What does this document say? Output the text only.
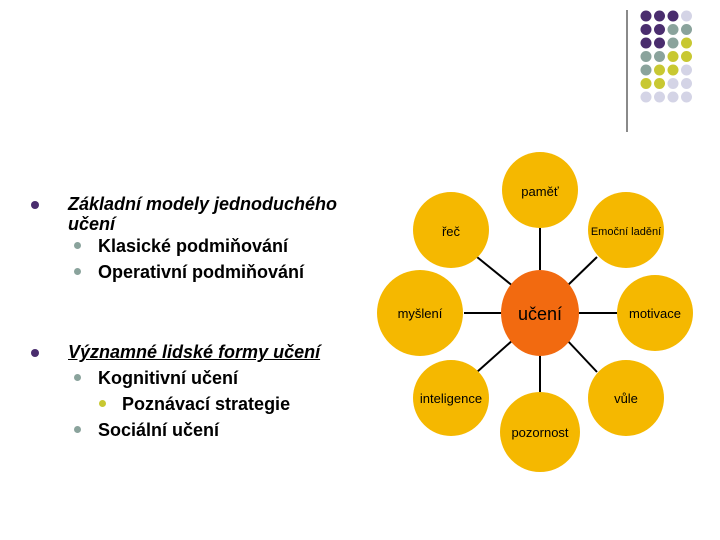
Základní modely jednoduchého
učení
Klasické podmiňování
Operativní podmiňování
Významné lidské formy učení
Kognitivní učení
Poznávací strategie
Sociální učení
paměť
řeč	Emoční ladění
myšlení	učení	motivace
inteligence	vůle
pozornost
